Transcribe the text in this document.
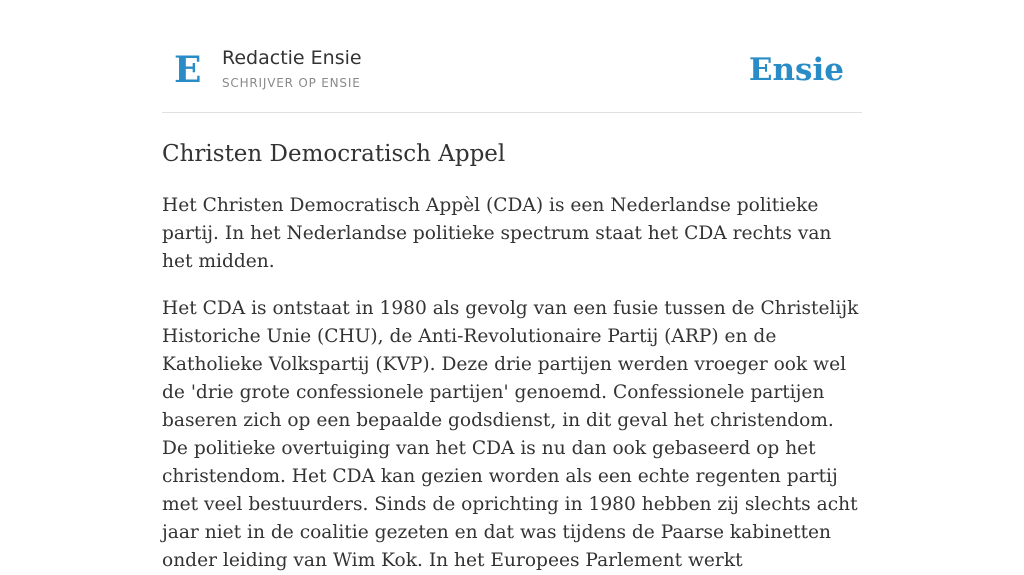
E Redactie Ensie
SCHRIJVER OP ENSIE	Ensie
Christen Democratisch Appel

Het Christen Democratisch Appèl (CDA) is een Nederlandse politieke partij. In het Nederlandse politieke spectrum staat het CDA rechts van het midden.

Het CDA is ontstaat in 1980 als gevolg van een fusie tussen de Christelijk Historiche Unie (CHU), de Anti-Revolutionaire Partij (ARP) en de Katholieke Volkspartij (KVP). Deze drie partijen werden vroeger ook wel de 'drie grote confessionele partijen' genoemd. Confessionele partijen baseren zich op een bepaalde godsdienst, in dit geval het christendom. De politieke overtuiging van het CDA is nu dan ook gebaseerd op het christendom. Het CDA kan gezien worden als een echte regenten partij met veel bestuurders. Sinds de oprichting in 1980 hebben zij slechts acht jaar niet in de coalitie gezeten en dat was tijdens de Paarse kabinetten onder leiding van Wim Kok. In het Europees Parlement werkt
